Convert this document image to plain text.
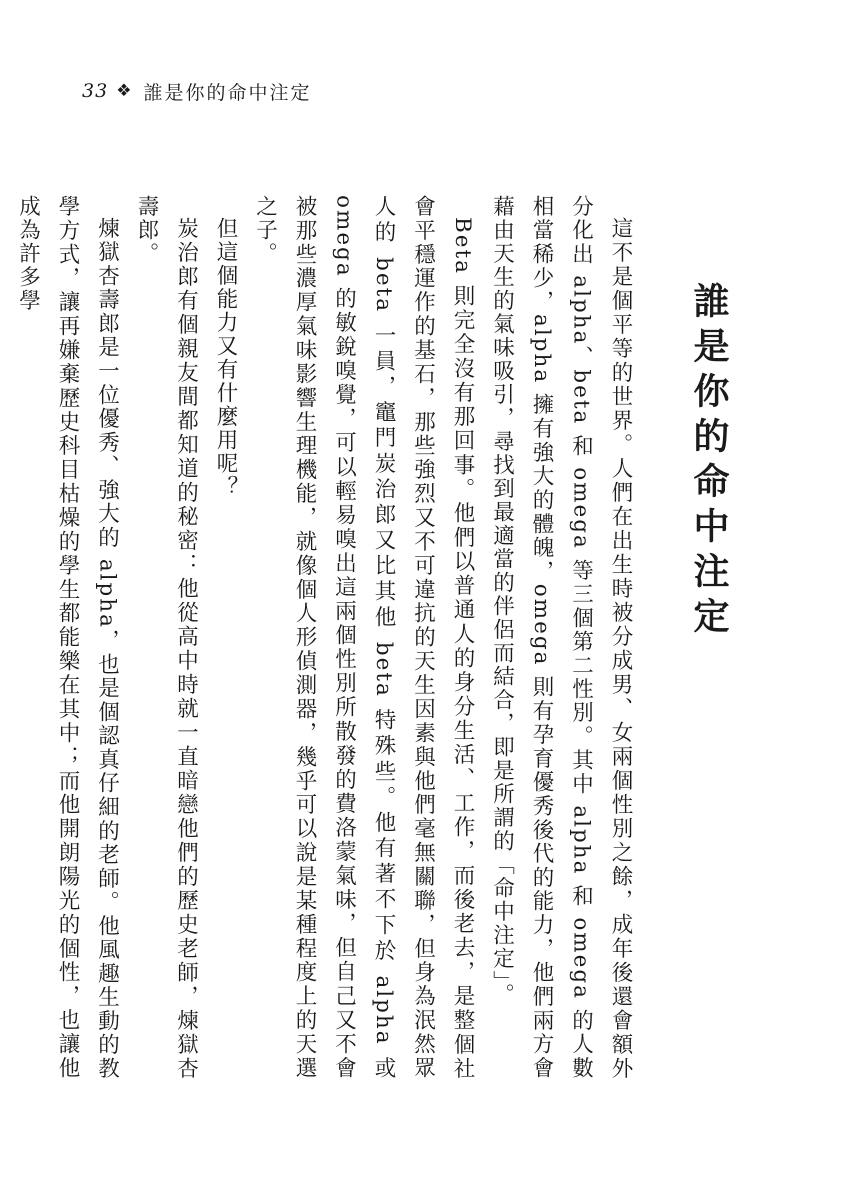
33 ❖ 誰是你的命中注定
誰是你的命中注定

這不是個平等的世界。人們在出生時被分成男、女兩個性別之餘，成年後還會額外分化出 alpha、beta 和 omega 等三個第二性別。其中 alpha 和 omega 的人數相當稀少，alpha 擁有強大的體魄，omega 則有孕育優秀後代的能力，他們兩方會藉由天生的氣味吸引，尋找到最適當的伴侶而結合，即是所謂的「命中注定」。

Beta 則完全沒有那回事。他們以普通人的身分生活、工作，而後老去，是整個社會平穩運作的基石，那些強烈又不可違抗的天生因素與他們毫無關聯，但身為泯然眾人的 beta 一員，竈門炭治郎又比其他 beta 特殊些。他有著不下於 alpha 或 omega 的敏銳嗅覺，可以輕易嗅出這兩個性別所散發的費洛蒙氣味，但自己又不會被那些濃厚氣味影響生理機能，就像個人形偵測器，幾乎可以說是某種程度上的天選之子。

但這個能力又有什麼用呢？

炭治郎有個親友間都知道的秘密：他從高中時就一直暗戀他們的歷史老師，煉獄杏壽郎。

煉獄杏壽郎是一位優秀、強大的 alpha，也是個認真仔細的老師。他風趣生動的教學方式，讓再嫌棄歷史科目枯燥的學生都能樂在其中；而他開朗陽光的個性，也讓他成為許多學
